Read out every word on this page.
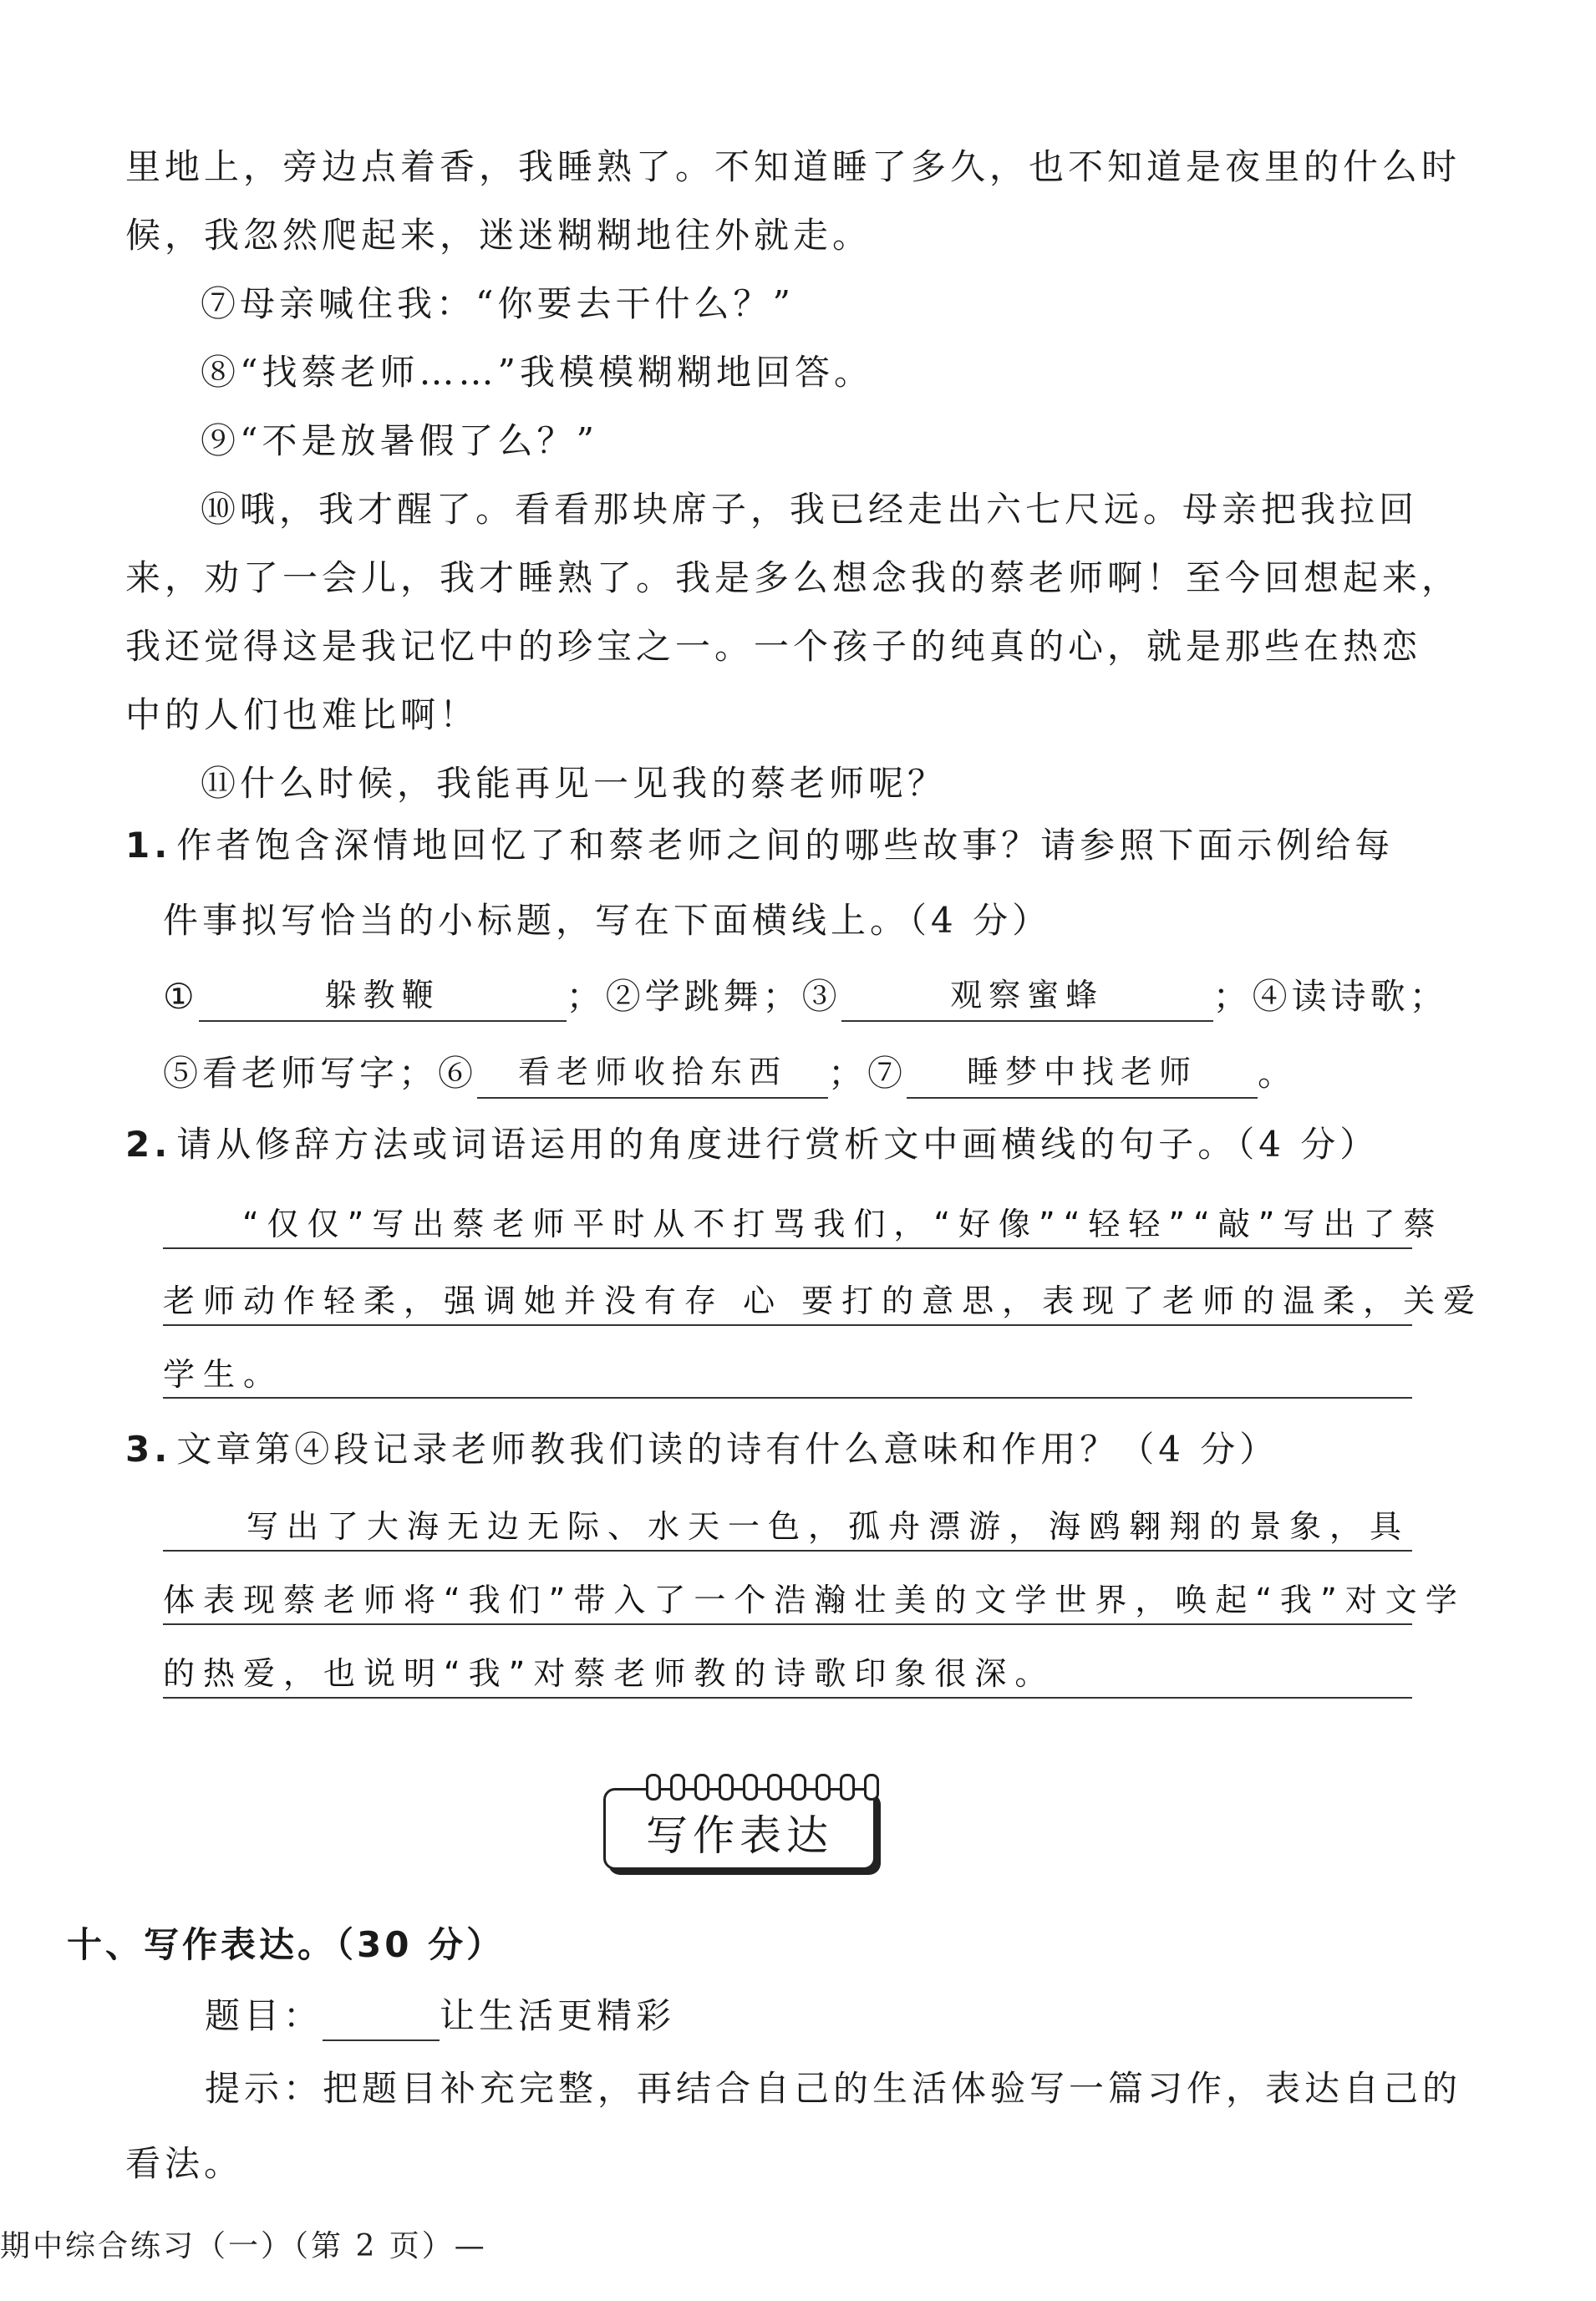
里地上，旁边点着香，我睡熟了。不知道睡了多久，也不知道是夜里的什么时
候，我忽然爬起来，迷迷糊糊地往外就走。
⑦母亲喊住我：“你要去干什么？”
⑧“找蔡老师……”我模模糊糊地回答。
⑨“不是放暑假了么？”
⑩哦，我才醒了。看看那块席子，我已经走出六七尺远。母亲把我拉回
来，劝了一会儿，我才睡熟了。我是多么想念我的蔡老师啊！至今回想起来，
我还觉得这是我记忆中的珍宝之一。一个孩子的纯真的心，就是那些在热恋
中的人们也难比啊！
⑪什么时候，我能再见一见我的蔡老师呢？
1. 作者饱含深情地回忆了和蔡老师之间的哪些故事？请参照下面示例给每
件事拟写恰当的小标题，写在下面横线上。（4 分）
①	躲教鞭	；②学跳舞；③	观察蜜蜂	；④读诗歌；
⑤看老师写字；⑥ 看老师收拾东西 ；⑦ 睡梦中找老师 。
2. 请从修辞方法或词语运用的角度进行赏析文中画横线的句子。（4 分）
“仅仅”写出蔡老师平时从不打骂我们，“好像”“轻轻”“敲”写出了蔡
老师动作轻柔，强调她并没有存 心 要打的意思，表现了老师的温柔，关爱
学生。
3. 文章第④段记录老师教我们读的诗有什么意味和作用？（4 分）
写出了大海无边无际、水天一色，孤舟漂游，海鸥翱翔的景象，具
体表现蔡老师将“我们”带入了一个浩瀚壮美的文学世界，唤起“我”对文学
的热爱，也说明“我”对蔡老师教的诗歌印象很深。
写作表达
十、写作表达。（30 分）
题目：	让生活更精彩
提示：把题目补充完整，再结合自己的生活体验写一篇习作，表达自己的
看法。
期中综合练习（一）（第 2 页）—
